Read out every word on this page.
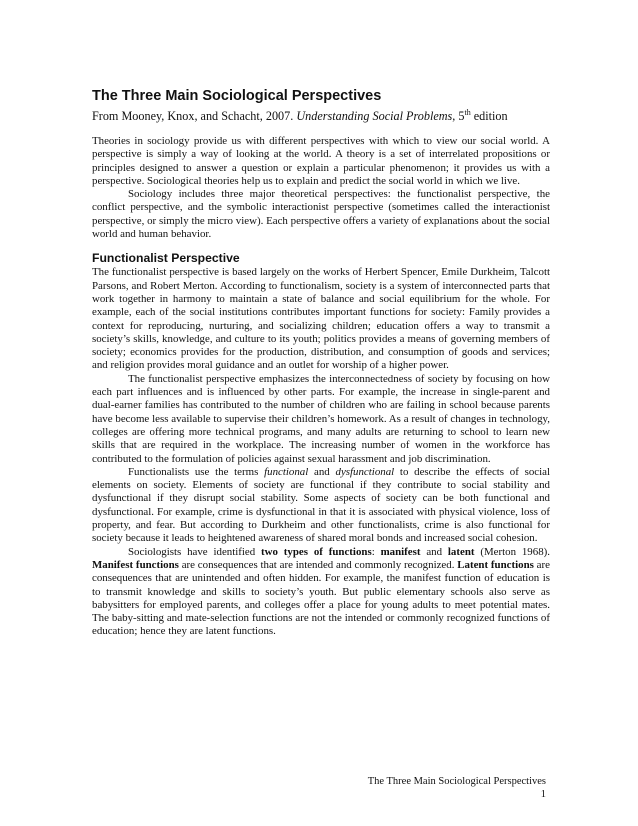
The Three Main Sociological Perspectives
From Mooney, Knox, and Schacht, 2007. Understanding Social Problems, 5th edition

Theories in sociology provide us with different perspectives with which to view our social world. A perspective is simply a way of looking at the world. A theory is a set of interrelated propositions or principles designed to answer a question or explain a particular phenomenon; it provides us with a perspective. Sociological theories help us to explain and predict the social world in which we live.

Sociology includes three major theoretical perspectives: the functionalist perspective, the conflict perspective, and the symbolic interactionist perspective (sometimes called the interactionist perspective, or simply the micro view). Each perspective offers a variety of explanations about the social world and human behavior.

Functionalist Perspective

The functionalist perspective is based largely on the works of Herbert Spencer, Emile Durkheim, Talcott Parsons, and Robert Merton. According to functionalism, society is a system of interconnected parts that work together in harmony to maintain a state of balance and social equilibrium for the whole. For example, each of the social institutions contributes important functions for society: Family provides a context for reproducing, nurturing, and socializing children; education offers a way to transmit a society’s skills, knowledge, and culture to its youth; politics provides a means of governing members of society; economics provides for the production, distribution, and consumption of goods and services; and religion provides moral guidance and an outlet for worship of a higher power.

The functionalist perspective emphasizes the interconnectedness of society by focusing on how each part influences and is influenced by other parts. For example, the increase in single-parent and dual-earner families has contributed to the number of children who are failing in school because parents have become less available to supervise their children’s homework. As a result of changes in technology, colleges are offering more technical programs, and many adults are returning to school to learn new skills that are required in the workplace. The increasing number of women in the workforce has contributed to the formulation of policies against sexual harassment and job discrimination.

Functionalists use the terms functional and dysfunctional to describe the effects of social elements on society. Elements of society are functional if they contribute to social stability and dysfunctional if they disrupt social stability. Some aspects of society can be both functional and dysfunctional. For example, crime is dysfunctional in that it is associated with physical violence, loss of property, and fear. But according to Durkheim and other functionalists, crime is also functional for society because it leads to heightened awareness of shared moral bonds and increased social cohesion.

Sociologists have identified two types of functions: manifest and latent (Merton 1968). Manifest functions are consequences that are intended and commonly recognized. Latent functions are consequences that are unintended and often hidden. For example, the manifest function of education is to transmit knowledge and skills to society’s youth. But public elementary schools also serve as babysitters for employed parents, and colleges offer a place for young adults to meet potential mates. The baby-sitting and mate-selection functions are not the intended or commonly recognized functions of education; hence they are latent functions.

The Three Main Sociological Perspectives
1
